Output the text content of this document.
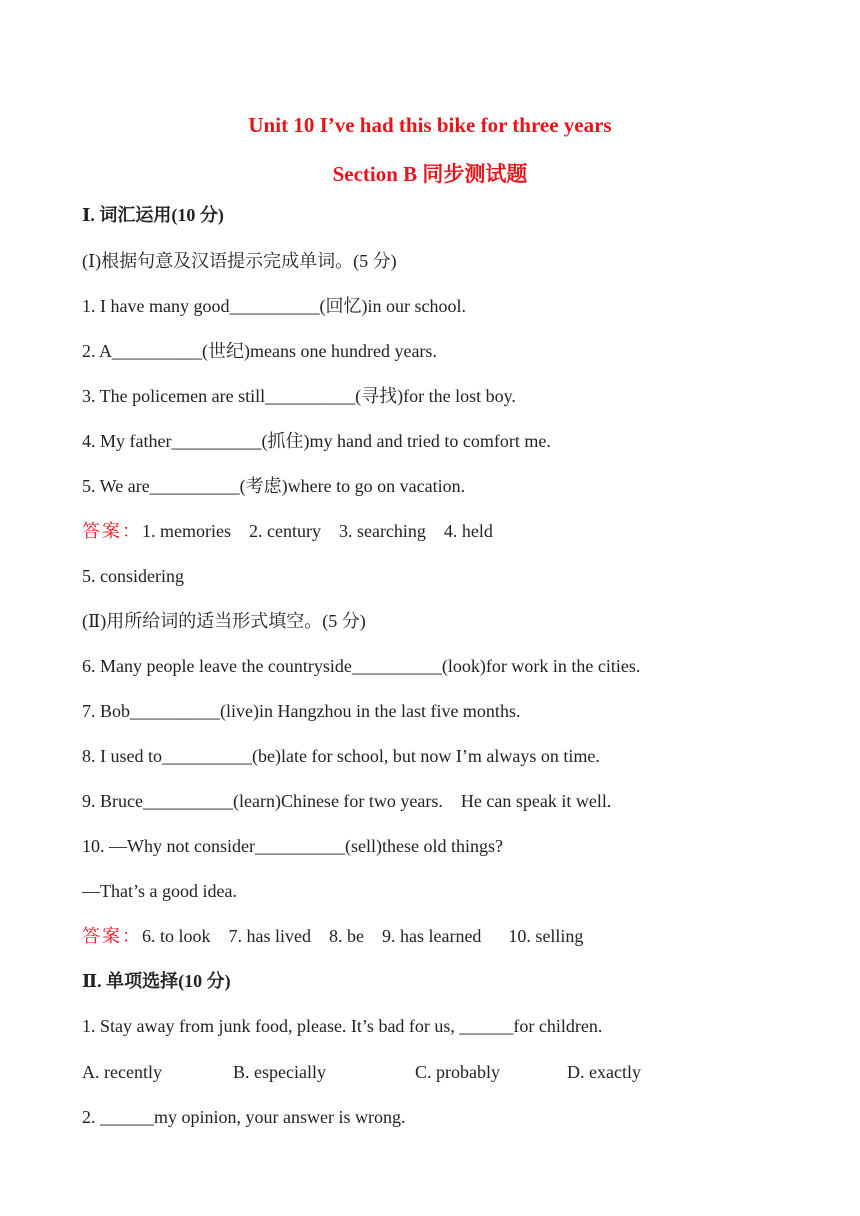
Unit 10 I’ve had this bike for three years
Section B 同步测试题

Ⅰ. 词汇运用(10 分)

(Ⅰ)根据句意及汉语提示完成单词。(5 分)

1. I have many good__________(回忆)in our school.

2. A__________(世纪)means one hundred years.

3. The policemen are still__________(寻找)for the lost boy.

4. My father__________(抓住)my hand and tried to comfort me.

5. We are__________(考虑)where to go on vacation.

答案：1. memories    2. century    3. searching    4. held

5. considering

(Ⅱ)用所给词的适当形式填空。(5 分)

6. Many people leave the countryside__________(look)for work in the cities.

7. Bob__________(live)in Hangzhou in the last five months.

8. I used to__________(be)late for school, but now I’m always on time.

9. Bruce__________(learn)Chinese for two years.    He can speak it well.

10. —Why not consider__________(sell)these old things?

—That’s a good idea.

答案：6. to look    7. has lived    8. be    9. has learned      10. selling

Ⅱ. 单项选择(10 分)

1. Stay away from junk food, please. It’s bad for us, ______for children.

A. recently

	B. especially

	C. probably

	D. exactly

2. ______my opinion, your answer is wrong.
